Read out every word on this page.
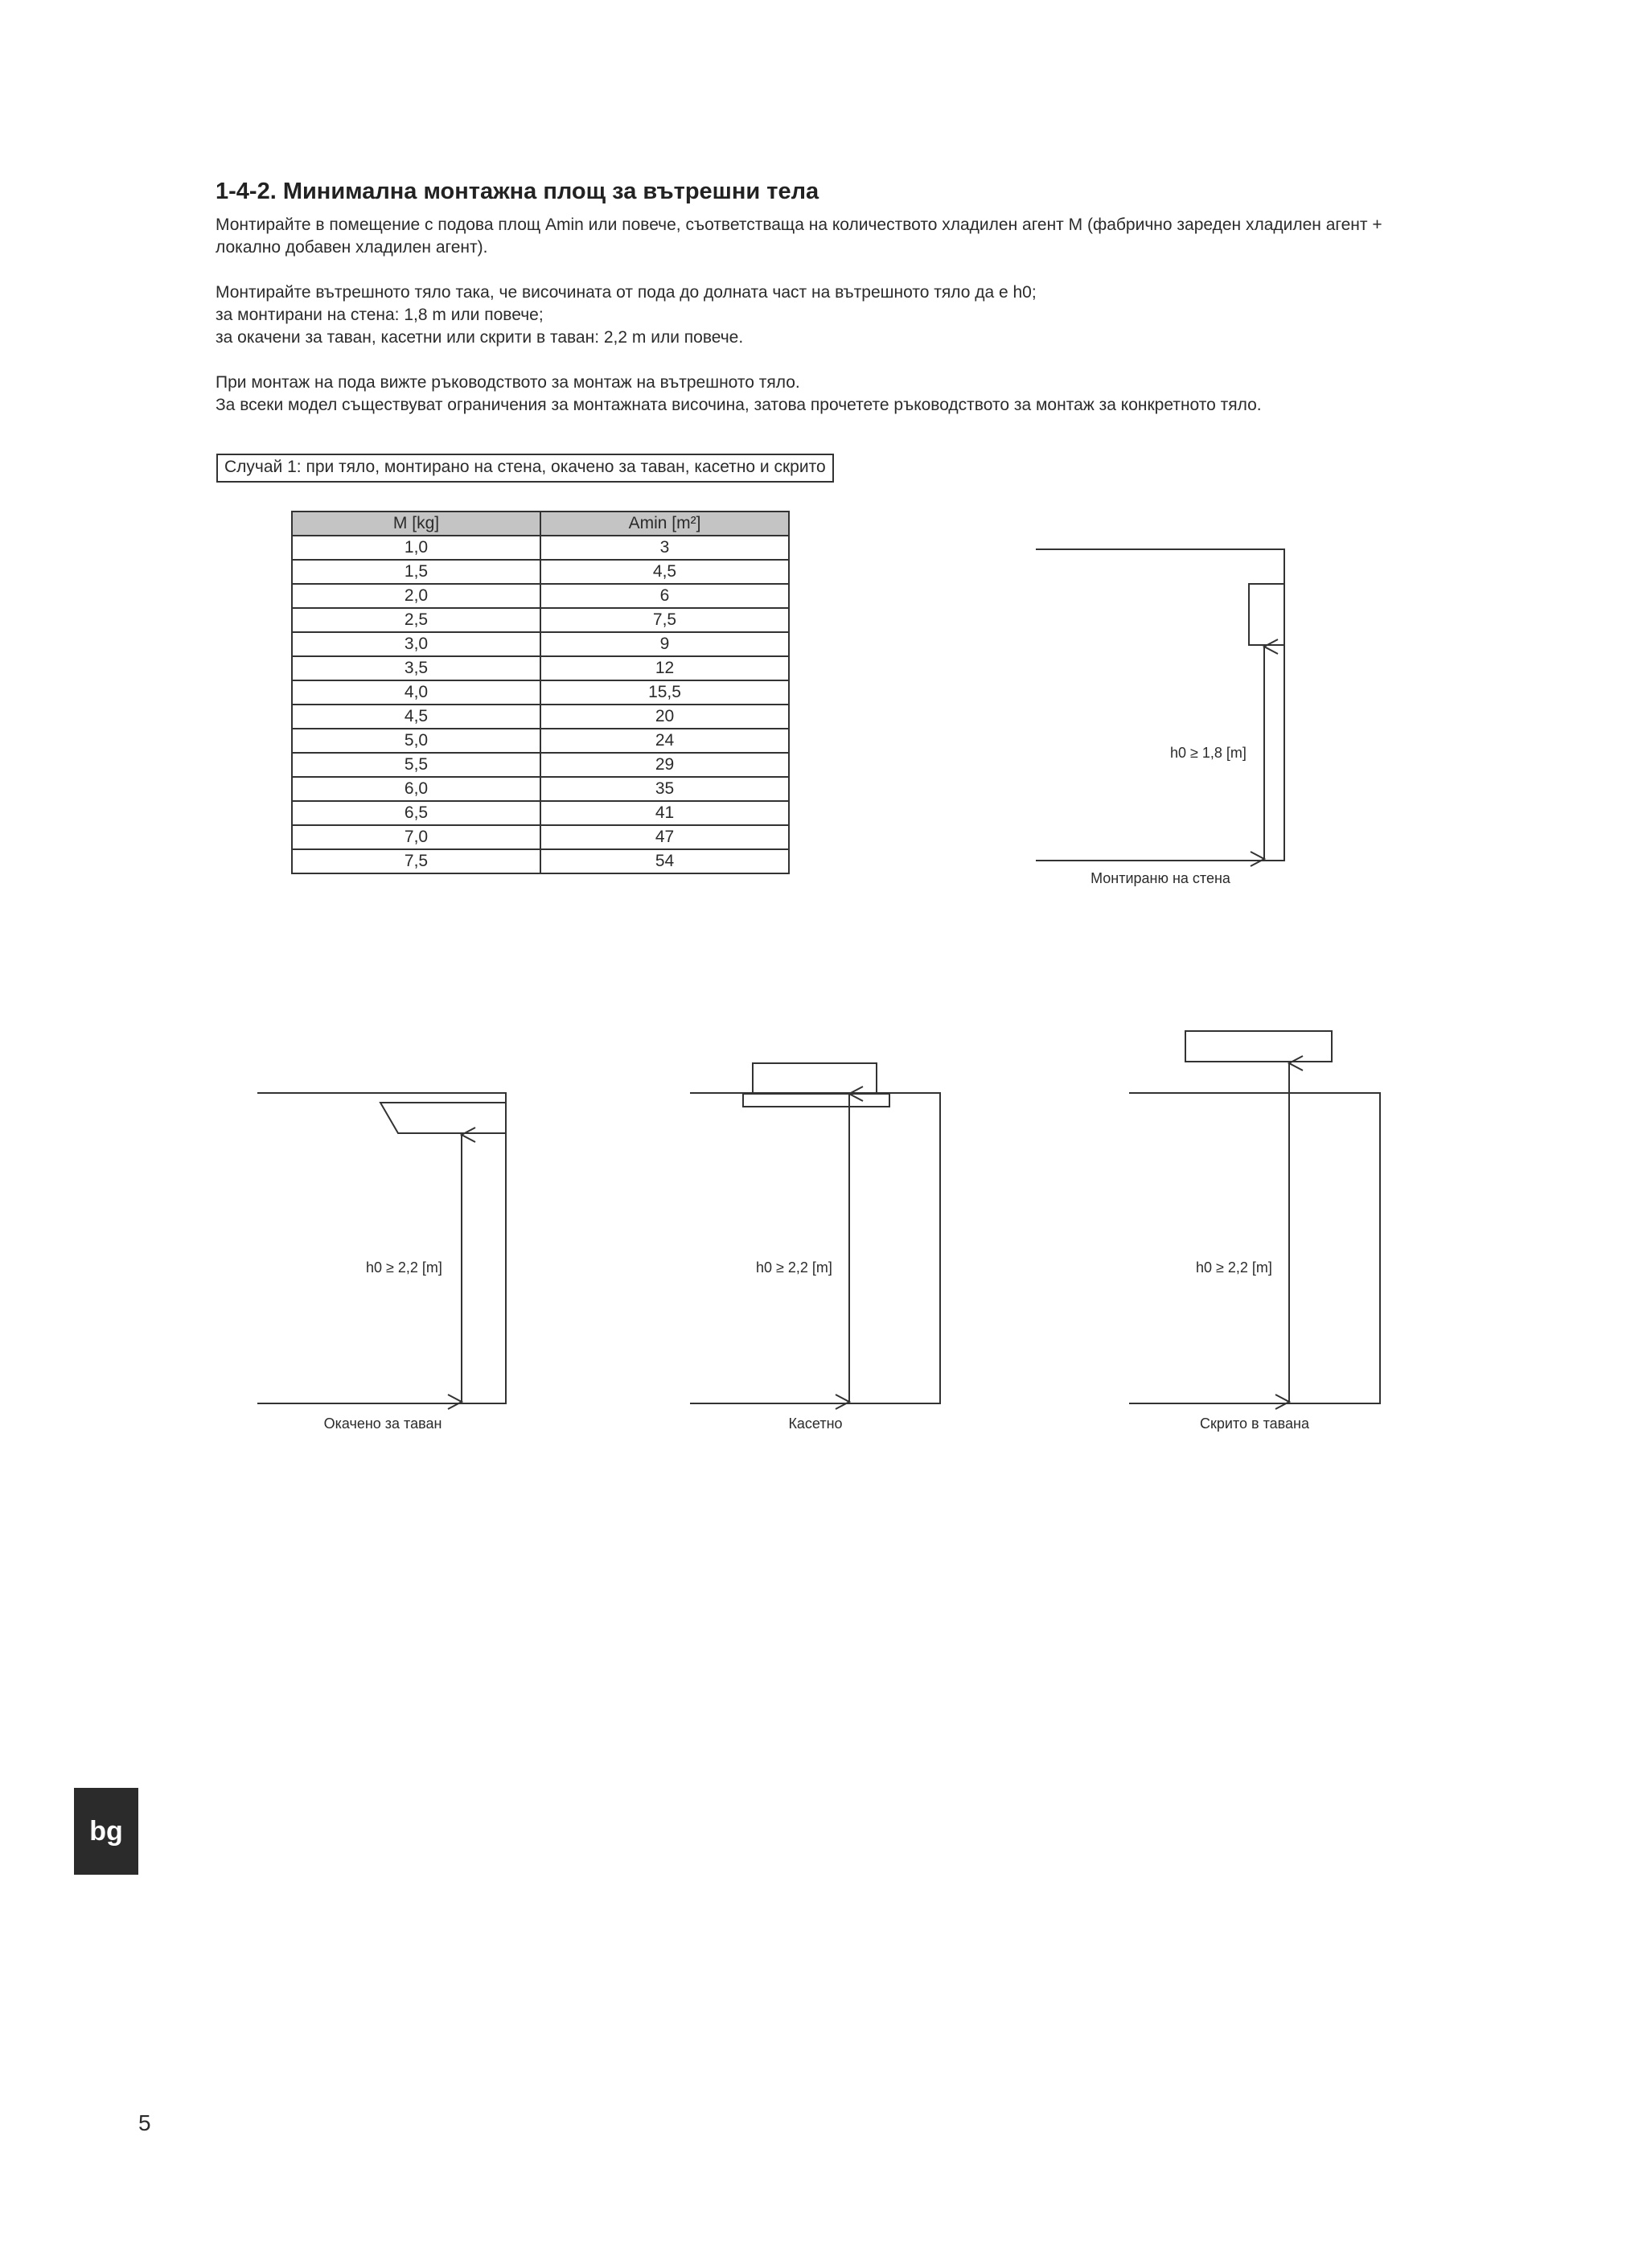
1-4-2. Минимална монтажна площ за вътрешни тела
Монтирайте в помещение с подова площ Amin или повече, съответстваща на количеството хладилен агент M (фабрично зареден хладилен агент +
локално добавен хладилен агент).
Монтирайте вътрешното тяло така, че височината от пода до долната част на вътрешното тяло да е h0;
за монтирани на стена: 1,8 m или повече;
за окачени за таван, касетни или скрити в таван: 2,2 m или повече.
При монтаж на пода вижте ръководството за монтаж на вътрешното тяло.
За всеки модел съществуват ограничения за монтажната височина, затова прочетете ръководството за монтаж за конкретното тяло.
Случай 1: при тяло, монтирано на стена, окачено за таван, касетно и скрито
M [kg]	Amin [m²]
1,0	3
1,5	4,5
2,0	6
2,5	7,5
3,0	9
3,5	12
4,0	15,5
4,5	20
5,0	24
5,5	29
6,0	35
6,5	41
7,0	47
7,5	54
h0 ≥ 1,8 [m]
Монтираню на стена
h0 ≥ 2,2 [m]
Окачено за таван
h0 ≥ 2,2 [m]
Касетно
h0 ≥ 2,2 [m]
Скрито в тавана
bg
5
